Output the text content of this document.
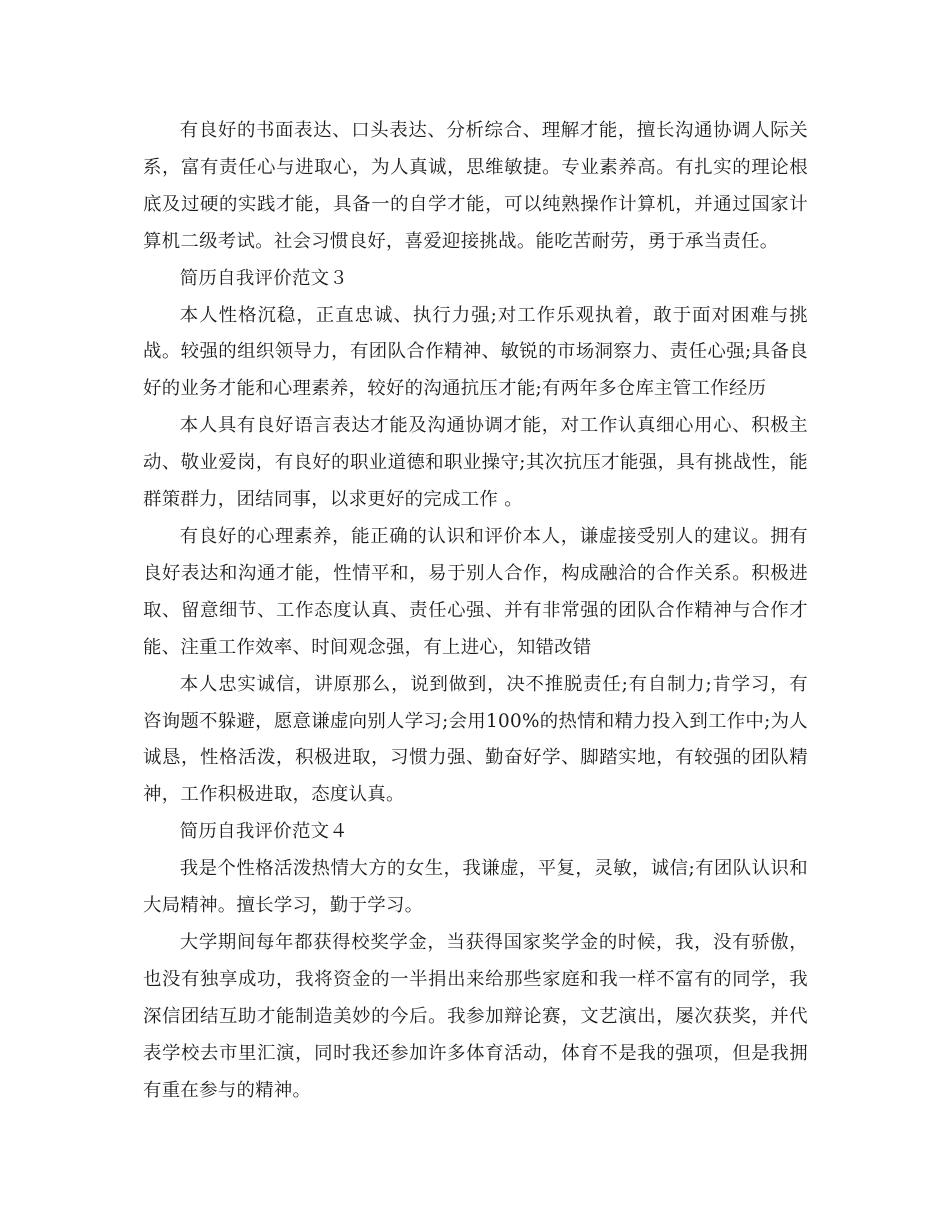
有良好的书面表达、口头表达、分析综合、理解才能，擅长沟通协调人际关系，富有责任心与进取心，为人真诚，思维敏捷。专业素养高。有扎实的理论根底及过硬的实践才能，具备一的自学才能，可以纯熟操作计算机，并通过国家计算机二级考试。社会习惯良好，喜爱迎接挑战。能吃苦耐劳，勇于承当责任。

简历自我评价范文３

本人性格沉稳，正直忠诚、执行力强;对工作乐观执着，敢于面对困难与挑战。较强的组织领导力，有团队合作精神、敏锐的市场洞察力、责任心强;具备良好的业务才能和心理素养，较好的沟通抗压才能;有两年多仓库主管工作经历

本人具有良好语言表达才能及沟通协调才能，对工作认真细心用心、积极主动、敬业爱岗，有良好的职业道德和职业操守;其次抗压才能强，具有挑战性，能群策群力，团结同事，以求更好的完成工作 。

有良好的心理素养，能正确的认识和评价本人，谦虚接受别人的建议。拥有良好表达和沟通才能，性情平和，易于别人合作，构成融洽的合作关系。积极进取、留意细节、工作态度认真、责任心强、并有非常强的团队合作精神与合作才能、注重工作效率、时间观念强，有上进心，知错改错

本人忠实诚信，讲原那么，说到做到，决不推脱责任;有自制力;肯学习，有咨询题不躲避，愿意谦虚向别人学习;会用100%的热情和精力投入到工作中;为人诚恳，性格活泼，积极进取，习惯力强、勤奋好学、脚踏实地，有较强的团队精神，工作积极进取，态度认真。

简历自我评价范文４

我是个性格活泼热情大方的女生，我谦虚，平复，灵敏，诚信;有团队认识和大局精神。擅长学习，勤于学习。

大学期间每年都获得校奖学金，当获得国家奖学金的时候，我，没有骄傲，也没有独享成功，我将资金的一半捐出来给那些家庭和我一样不富有的同学，我深信团结互助才能制造美妙的今后。我参加辩论赛，文艺演出，屡次获奖，并代表学校去市里汇演，同时我还参加许多体育活动，体育不是我的强项，但是我拥有重在参与的精神。
